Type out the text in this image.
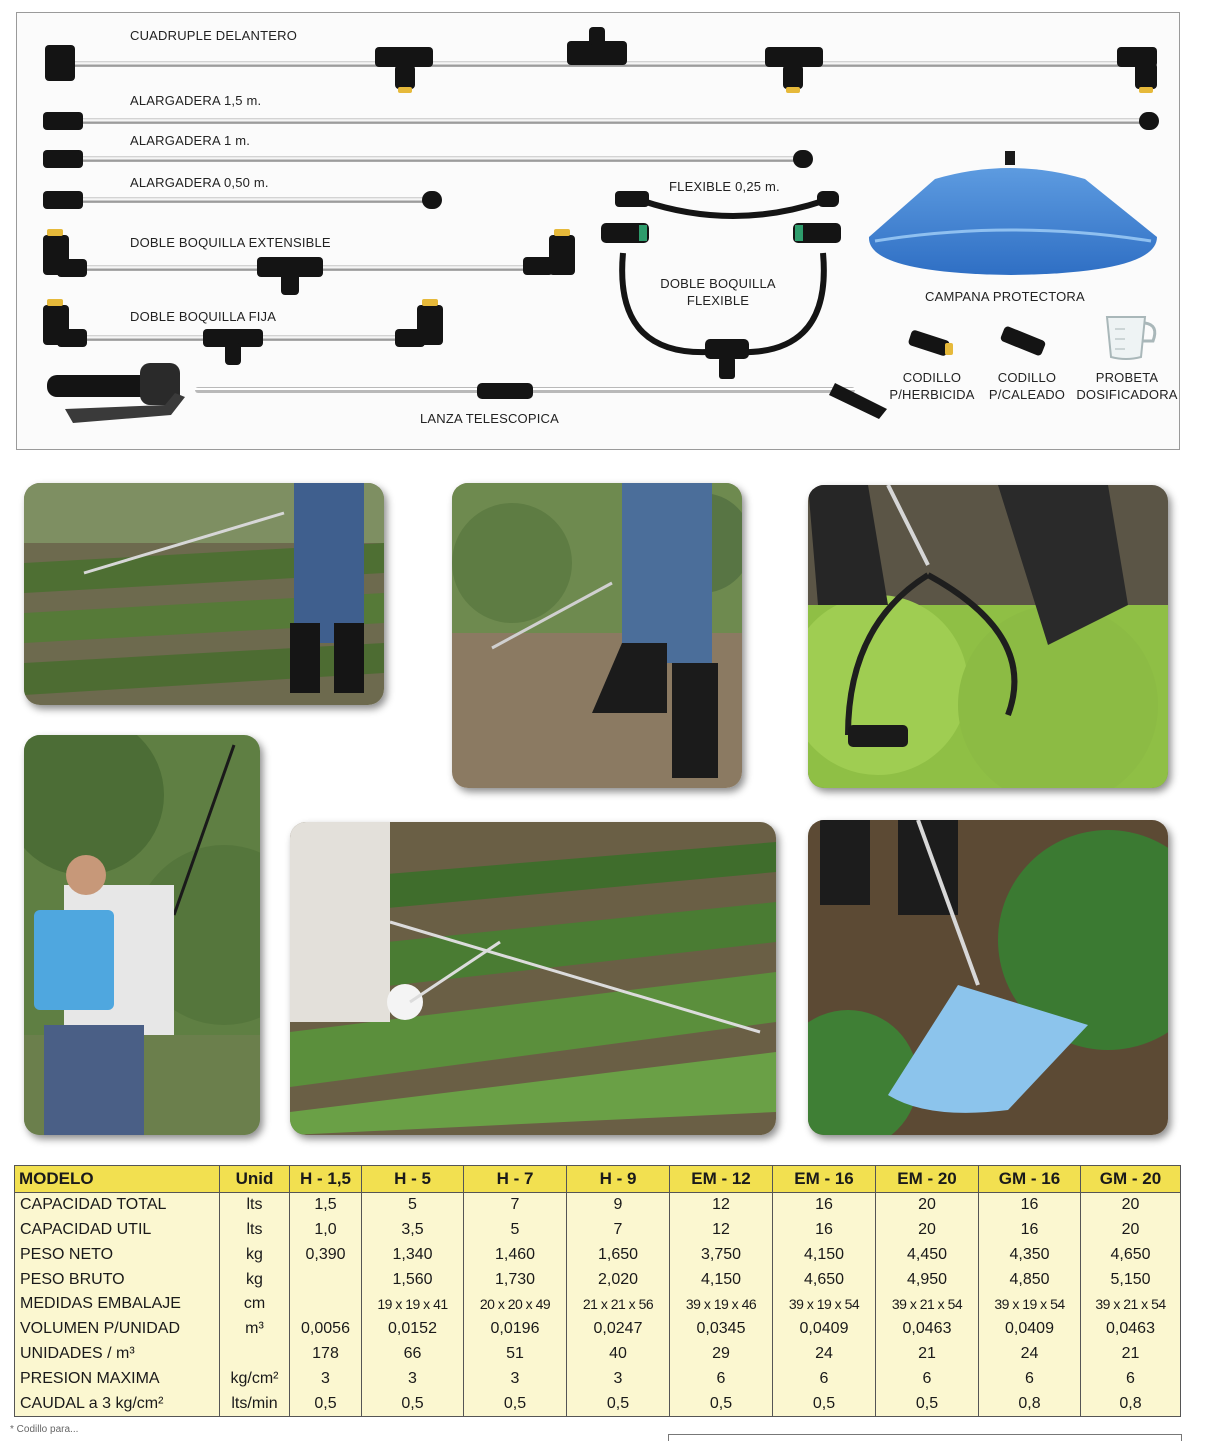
CUADRUPLE DELANTERO
ALARGADERA 1,5 m.
ALARGADERA 1 m.
ALARGADERA 0,50 m.	FLEXIBLE 0,25 m.
DOBLE BOQUILLA EXTENSIBLE
DOBLE BOQUILLA
FLEXIBLE	CAMPANA PROTECTORA
DOBLE BOQUILLA FIJA
CODILLO
P/HERBICIDA
CODILLO
P/CALEADO
PROBETA
DOSIFICADORA
LANZA TELESCOPICA
MODELO	Unid	H - 1,5	H - 5	H - 7	H - 9	EM - 12	EM - 16	EM - 20	GM - 16	GM - 20
CAPACIDAD TOTAL	lts	1,5	5	7	9	12	16	20	16	20
CAPACIDAD UTIL	lts	1,0	3,5	5	7	12	16	20	16	20
PESO NETO	kg	0,390	1,340	1,460	1,650	3,750	4,150	4,450	4,350	4,650
PESO BRUTO	kg		1,560	1,730	2,020	4,150	4,650	4,950	4,850	5,150
MEDIDAS EMBALAJE	cm		19 x 19 x 41	20 x 20 x 49	21 x 21 x 56	39 x 19 x 46	39 x 19 x 54	39 x 21 x 54	39 x 19 x 54	39 x 21 x 54
VOLUMEN P/UNIDAD	m³	0,0056	0,0152	0,0196	0,0247	0,0345	0,0409	0,0463	0,0409	0,0463
UNIDADES / m³		178	66	51	40	29	24	21	24	21
PRESION MAXIMA	kg/cm²	3	3	3	3	6	6	6	6	6
CAUDAL a 3 kg/cm²	lts/min	0,5	0,5	0,5	0,5	0,5	0,5	0,5	0,8	0,8
* Codillo para...
